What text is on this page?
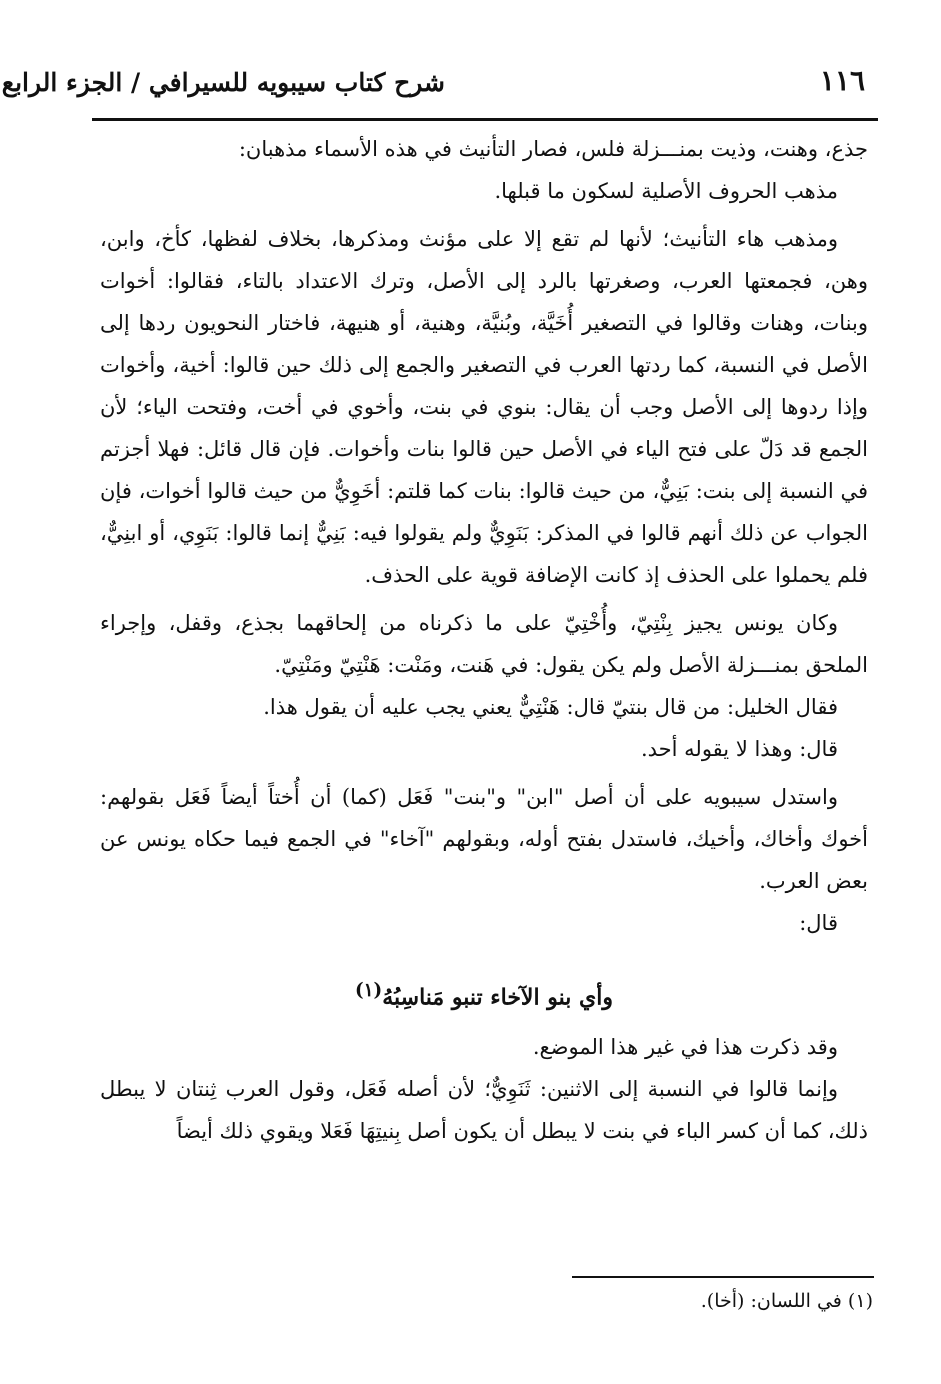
شرح كتاب سيبويه للسيرافي / الجزء الرابع	١١٦

جذع، وهنت، وذيت بمنـــزلة فلس، فصار التأنيث في هذه الأسماء مذهبان:

مذهب الحروف الأصلية لسكون ما قبلها.

ومذهب هاء التأنيث؛ لأنها لم تقع إلا على مؤنث ومذكرها، بخلاف لفظها، كأخ، وابن، وهن، فجمعتها العرب، وصغرتها بالرد إلى الأصل، وترك الاعتداد بالتاء، فقالوا: أخوات وبنات، وهنات وقالوا في التصغير أُخَيَّة، وبُنيَّة، وهنية، أو هنيهة، فاختار النحويون ردها إلى الأصل في النسبة، كما ردتها العرب في التصغير والجمع إلى ذلك حين قالوا: أخية، وأخوات وإذا ردوها إلى الأصل وجب أن يقال: بنوي في بنت، وأخوي في أخت، وفتحت الياء؛ لأن الجمع قد دَلّ على فتح الياء في الأصل حين قالوا بنات وأخوات. فإن قال قائل: فهلا أجزتم في النسبة إلى بنت: بَنِيٌّ، من حيث قالوا: بنات كما قلتم: أخَوِيٌّ من حيث قالوا أخوات، فإن الجواب عن ذلك أنهم قالوا في المذكر: بَنَوِيٌّ ولم يقولوا فيه: بَنِيٌّ إنما قالوا: بَنَوِي، أو ابنِيٌّ، فلم يحملوا على الحذف إذ كانت الإضافة قوية على الحذف.

وكان يونس يجيز بِنْتِيّ، وأُخْتِيّ على ما ذكرناه من إلحاقهما بجذع، وقفل، وإجراء الملحق بمنـــزلة الأصل ولم يكن يقول: في هَنت، ومَنْت: هَنْتِيّ ومَنْتِيّ.

فقال الخليل: من قال بنتيّ قال: هَنْتِيٌّ يعني يجب عليه أن يقول هذا.

قال: وهذا لا يقوله أحد.

واستدل سيبويه على أن أصل "ابن" و"بنت" فَعَل (كما) أن أُختاً أيضاً فَعَل بقولهم: أخوك وأخاك، وأخيك، فاستدل بفتح أوله، وبقولهم "آخاء" في الجمع فيما حكاه يونس عن بعض العرب.

قال:

وأي بنو الآخاء تنبو مَناسِبُهُ$^{(١)}$

وقد ذكرت هذا في غير هذا الموضع.

وإنما قالوا في النسبة إلى الاثنين: ثَنَوِيٌّ؛ لأن أصله فَعَل، وقول العرب ثِنتان لا يبطل ذلك، كما أن كسر الباء في بنت لا يبطل أن يكون أصل بِنيتِهَا فَعَلا ويقوي ذلك أيضاً

(١) في اللسان: (أخا).
